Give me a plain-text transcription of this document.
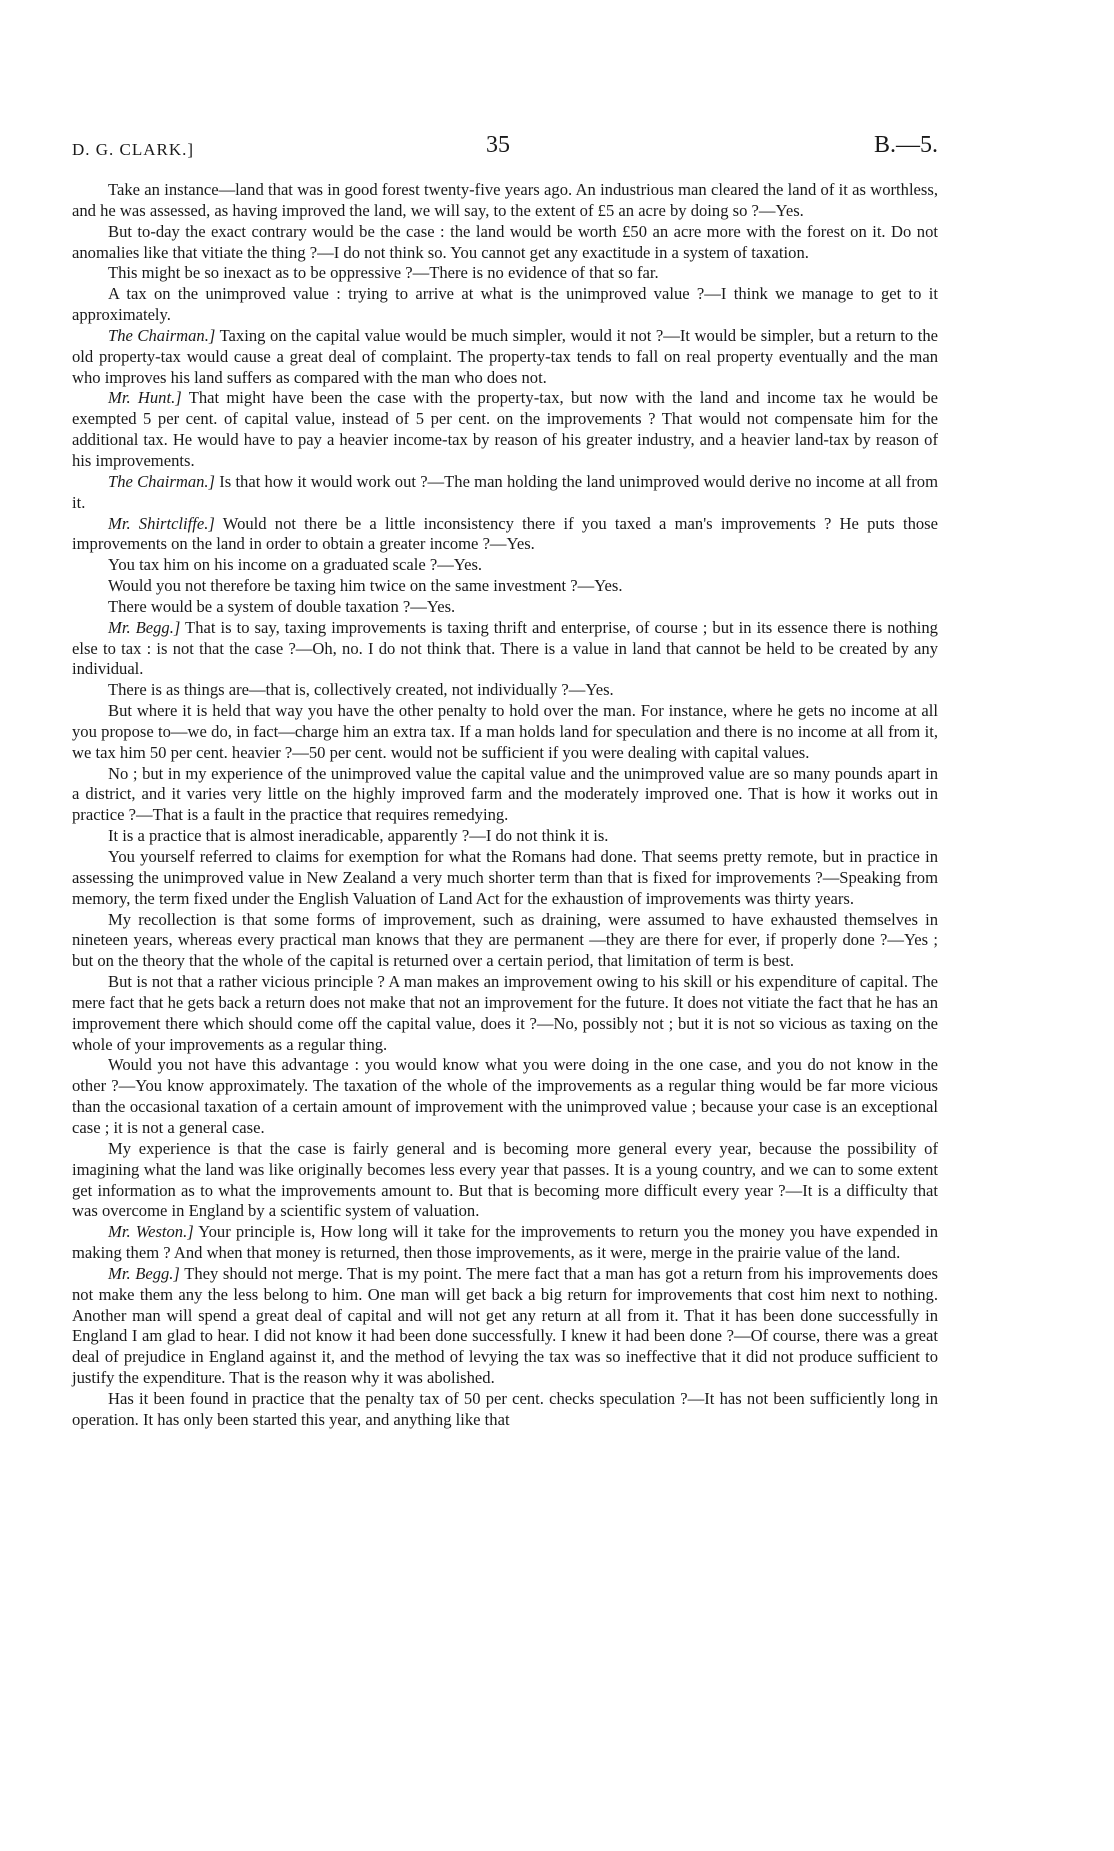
D. G. CLARK.]	35	B.—5.

Take an instance—land that was in good forest twenty-five years ago. An industrious man cleared the land of it as worthless, and he was assessed, as having improved the land, we will say, to the extent of £5 an acre by doing so ?—Yes.

But to-day the exact contrary would be the case : the land would be worth £50 an acre more with the forest on it. Do not anomalies like that vitiate the thing ?—I do not think so. You cannot get any exactitude in a system of taxation.

This might be so inexact as to be oppressive ?—There is no evidence of that so far.

A tax on the unimproved value : trying to arrive at what is the unimproved value ?—I think we manage to get to it approximately.

The Chairman.] Taxing on the capital value would be much simpler, would it not ?—It would be simpler, but a return to the old property-tax would cause a great deal of complaint. The property-tax tends to fall on real property eventually and the man who improves his land suffers as compared with the man who does not.

Mr. Hunt.] That might have been the case with the property-tax, but now with the land and income tax he would be exempted 5 per cent. of capital value, instead of 5 per cent. on the improvements ? That would not compensate him for the additional tax. He would have to pay a heavier income-tax by reason of his greater industry, and a heavier land-tax by reason of his improvements.

The Chairman.] Is that how it would work out ?—The man holding the land unimproved would derive no income at all from it.

Mr. Shirtcliffe.] Would not there be a little inconsistency there if you taxed a man's improvements ? He puts those improvements on the land in order to obtain a greater income ?—Yes.

You tax him on his income on a graduated scale ?—Yes.

Would you not therefore be taxing him twice on the same investment ?—Yes.

There would be a system of double taxation ?—Yes.

Mr. Begg.] That is to say, taxing improvements is taxing thrift and enterprise, of course ; but in its essence there is nothing else to tax : is not that the case ?—Oh, no. I do not think that. There is a value in land that cannot be held to be created by any individual.

There is as things are—that is, collectively created, not individually ?—Yes.

But where it is held that way you have the other penalty to hold over the man. For instance, where he gets no income at all you propose to—we do, in fact—charge him an extra tax. If a man holds land for speculation and there is no income at all from it, we tax him 50 per cent. heavier ?—50 per cent. would not be sufficient if you were dealing with capital values.

No ; but in my experience of the unimproved value the capital value and the unimproved value are so many pounds apart in a district, and it varies very little on the highly improved farm and the moderately improved one. That is how it works out in practice ?—That is a fault in the practice that requires remedying.

It is a practice that is almost ineradicable, apparently ?—I do not think it is.

You yourself referred to claims for exemption for what the Romans had done. That seems pretty remote, but in practice in assessing the unimproved value in New Zealand a very much shorter term than that is fixed for improvements ?—Speaking from memory, the term fixed under the English Valuation of Land Act for the exhaustion of improvements was thirty years.

My recollection is that some forms of improvement, such as draining, were assumed to have exhausted themselves in nineteen years, whereas every practical man knows that they are permanent —they are there for ever, if properly done ?—Yes ; but on the theory that the whole of the capital is returned over a certain period, that limitation of term is best.

But is not that a rather vicious principle ? A man makes an improvement owing to his skill or his expenditure of capital. The mere fact that he gets back a return does not make that not an improvement for the future. It does not vitiate the fact that he has an improvement there which should come off the capital value, does it ?—No, possibly not ; but it is not so vicious as taxing on the whole of your improvements as a regular thing.

Would you not have this advantage : you would know what you were doing in the one case, and you do not know in the other ?—You know approximately. The taxation of the whole of the improvements as a regular thing would be far more vicious than the occasional taxation of a certain amount of improvement with the unimproved value ; because your case is an exceptional case ; it is not a general case.

My experience is that the case is fairly general and is becoming more general every year, because the possibility of imagining what the land was like originally becomes less every year that passes. It is a young country, and we can to some extent get information as to what the improvements amount to. But that is becoming more difficult every year ?—It is a difficulty that was overcome in England by a scientific system of valuation.

Mr. Weston.] Your principle is, How long will it take for the improvements to return you the money you have expended in making them ? And when that money is returned, then those improvements, as it were, merge in the prairie value of the land.

Mr. Begg.] They should not merge. That is my point. The mere fact that a man has got a return from his improvements does not make them any the less belong to him. One man will get back a big return for improvements that cost him next to nothing. Another man will spend a great deal of capital and will not get any return at all from it. That it has been done successfully in England I am glad to hear. I did not know it had been done successfully. I knew it had been done ?—Of course, there was a great deal of prejudice in England against it, and the method of levying the tax was so ineffective that it did not produce sufficient to justify the expenditure. That is the reason why it was abolished.

Has it been found in practice that the penalty tax of 50 per cent. checks speculation ?—It has not been sufficiently long in operation. It has only been started this year, and anything like that
